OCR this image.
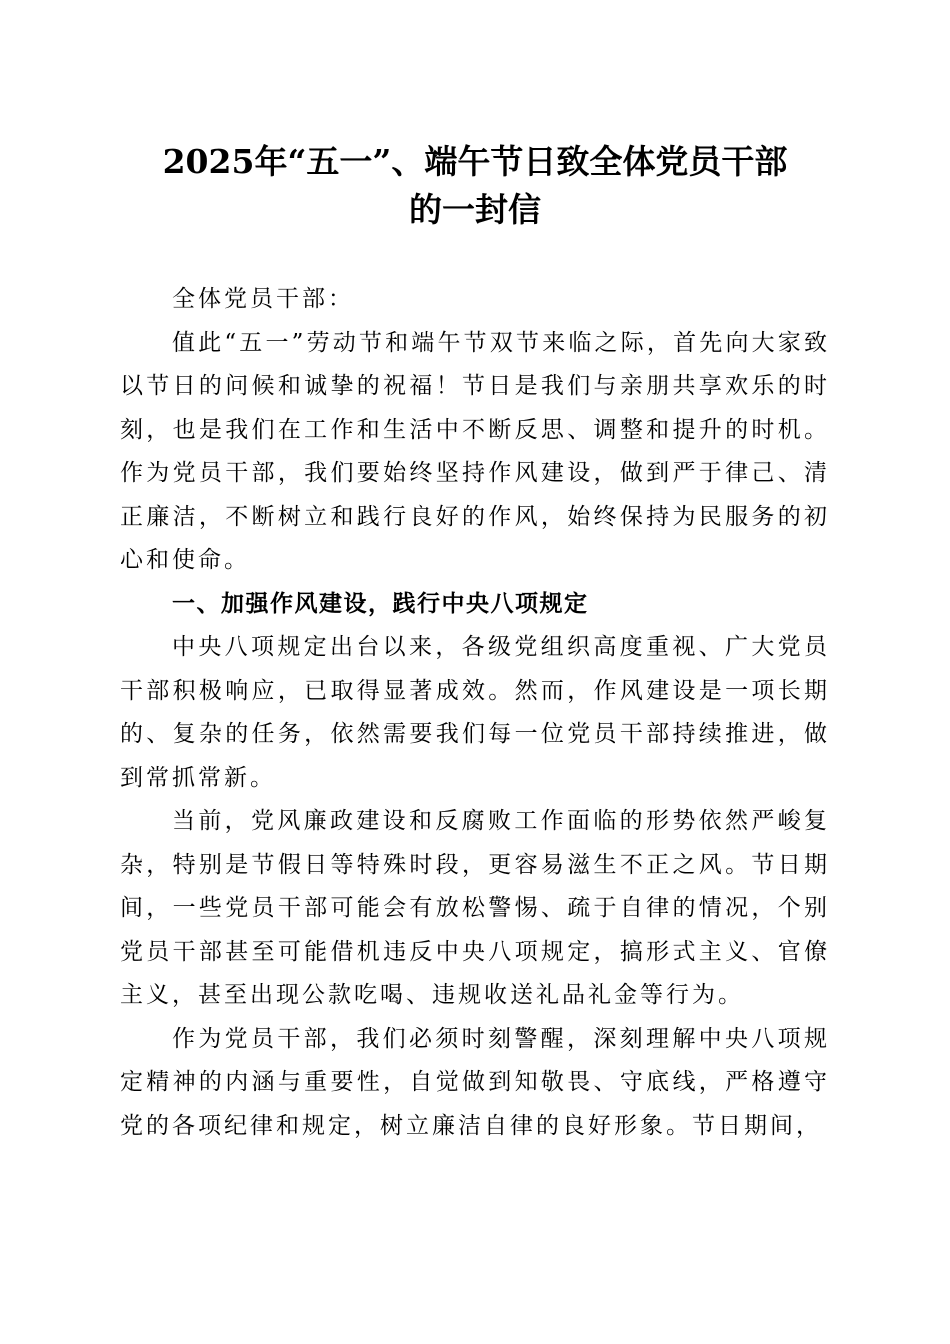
2025年“五一”、端午节日致全体党员干部
的一封信

全体党员干部：

值此“五一”劳动节和端午节双节来临之际，首先向大家致以节日的问候和诚挚的祝福！节日是我们与亲朋共享欢乐的时刻，也是我们在工作和生活中不断反思、调整和提升的时机。作为党员干部，我们要始终坚持作风建设，做到严于律己、清正廉洁，不断树立和践行良好的作风，始终保持为民服务的初心和使命。

一、加强作风建设，践行中央八项规定

中央八项规定出台以来，各级党组织高度重视、广大党员干部积极响应，已取得显著成效。然而，作风建设是一项长期的、复杂的任务，依然需要我们每一位党员干部持续推进，做到常抓常新。

当前，党风廉政建设和反腐败工作面临的形势依然严峻复杂，特别是节假日等特殊时段，更容易滋生不正之风。节日期间，一些党员干部可能会有放松警惕、疏于自律的情况，个别党员干部甚至可能借机违反中央八项规定，搞形式主义、官僚主义，甚至出现公款吃喝、违规收送礼品礼金等行为。

作为党员干部，我们必须时刻警醒，深刻理解中央八项规定精神的内涵与重要性，自觉做到知敬畏、守底线，严格遵守党的各项纪律和规定，树立廉洁自律的良好形象。节日期间，
